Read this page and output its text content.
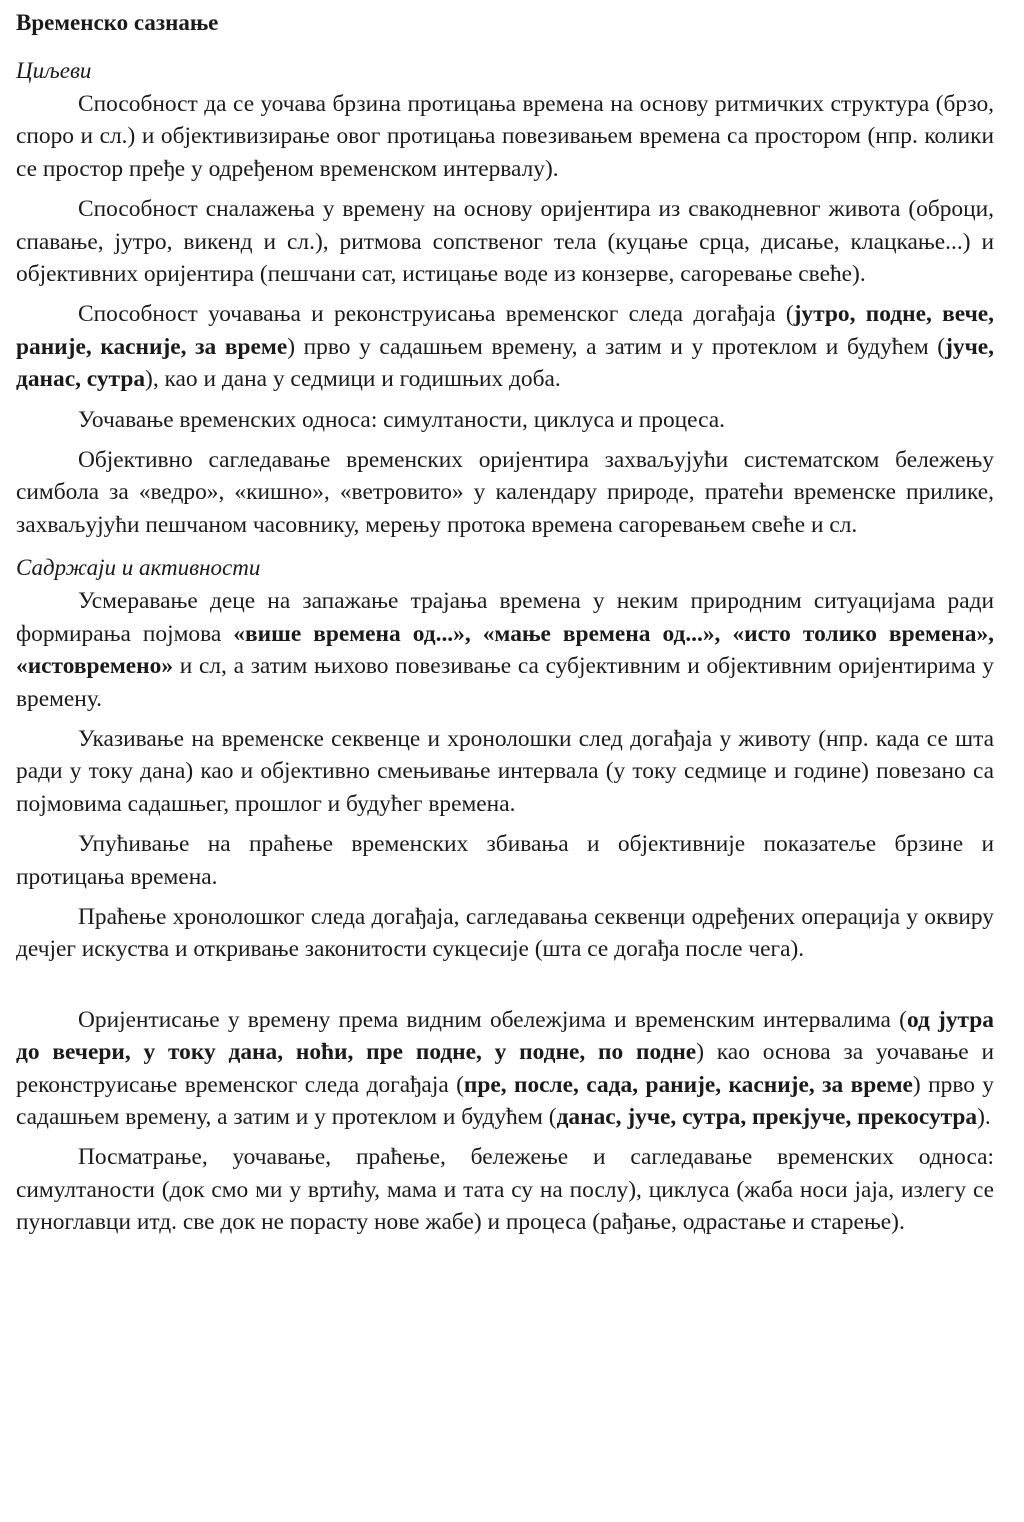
Временско сазнање
Циљеви

Способност да се уочава брзина протицања времена на основу ритмичких структура (брзо, споро и сл.) и објективизирање овог протицања повезивањем времена са простором (нпр. колики се простор пређе у одређеном временском интервалу).

Способност сналажења у времену на основу оријентира из свакодневног живота (оброци, спавање, јутро, викенд и сл.), ритмова сопственог тела (куцање срца, дисање, клацкање...) и објективних оријентира (пешчани сат, истицање воде из конзерве, сагоревање свеће).

Способност уочавања и реконструисања временског следа догађаја (јутро, подне, вече, раније, касније, за време) прво у садашњем времену, а затим и у протеклом и будућем (јуче, данас, сутра), као и дана у седмици и годишњих доба.

Уочавање временских односа: симултаности, циклуса и процеса.

Објективно сагледавање временских оријентира захваљујући систематском бележењу симбола за «ведро», «кишно», «ветровито» у календару природе, пратећи временске прилике, захваљујући пешчаном часовнику, мерењу протока времена сагоревањем свеће и сл.

Садржаји и активности

Усмеравање деце на запажање трајања времена у неким природним ситуацијама ради формирања појмова «више времена од...», «мање времена од...», «исто толико времена», «истовремено» и сл, а затим њихово повезивање са субјективним и објективним оријентирима у времену.

Указивање на временске секвенце и хронолошки след догађаја у животу (нпр. када се шта ради у току дана) као и објективно смењивање интервала (у току седмице и године) повезано са појмовима садашњег, прошлог и будућег времена.

Упућивање на праћење временских збивања и објективније показатеље брзине и протицања времена.

Праћење хронолошког следа догађаја, сагледавања секвенци одређених операција у оквиру дечјег искуства и откривање законитости сукцесије (шта се догађа после чега).

Оријентисање у времену према видним обележјима и временским интервалима (од јутра до вечери, у току дана, ноћи, пре подне, у подне, по подне) као основа за уочавање и реконструисање временског следа догађаја (пре, после, сада, раније, касније, за време) прво у садашњем времену, а затим и у протеклом и будућем (данас, јуче, сутра, прекјуче, прекосутра).

Посматрање, уочавање, праћење, бележење и сагледавање временских односа: симултаности (док смо ми у вртићу, мама и тата су на послу), циклуса (жаба носи јаја, излегу се пуноглавци итд. све док не порасту нове жабе) и процеса (рађање, одрастање и старење).
